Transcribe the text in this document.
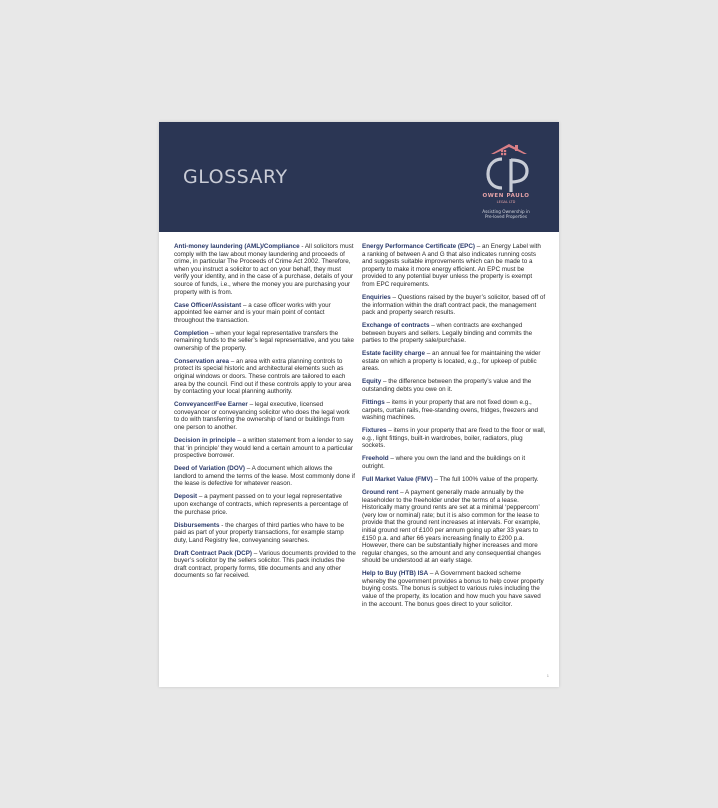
GLOSSARY
OWEN PAULO
LEGAL LTD
Assisting Ownership in
Pre-loved Properties

Anti-money laundering (AML)/Compliance - All solicitors must comply with the law about money laundering and proceeds of crime, in particular The Proceeds of Crime Act 2002. Therefore, when you instruct a solicitor to act on your behalf, they must verify your identity, and in the case of a purchase, details of your source of funds, i.e., where the money you are purchasing your property with is from.

Case Officer/Assistant – a case officer works with your appointed fee earner and is your main point of contact throughout the transaction.

Completion – when your legal representative transfers the remaining funds to the seller’s legal representative, and you take ownership of the property.

Conservation area – an area with extra planning controls to protect its special historic and architectural elements such as original windows or doors. These controls are tailored to each area by the council. Find out if these controls apply to your area by contacting your local planning authority.

Conveyancer/Fee Earner – legal executive, licensed conveyancer or conveyancing solicitor who does the legal work to do with transferring the ownership of land or buildings from one person to another.

Decision in principle – a written statement from a lender to say that ‘in principle’ they would lend a certain amount to a particular prospective borrower.

Deed of Variation (DOV) – A document which allows the landlord to amend the terms of the lease. Most commonly done if the lease is defective for whatever reason.

Deposit – a payment passed on to your legal representative upon exchange of contracts, which represents a percentage of the purchase price.

Disbursements - the charges of third parties who have to be paid as part of your property transactions, for example stamp duty, Land Registry fee, conveyancing searches.

Draft Contract Pack (DCP) – Various documents provided to the buyer’s solicitor by the sellers solicitor. This pack includes the draft contract, property forms, title documents and any other documents so far received.

Energy Performance Certificate (EPC) – an Energy Label with a ranking of between A and G that also indicates running costs and suggests suitable improvements which can be made to a property to make it more energy efficient. An EPC must be provided to any potential buyer unless the property is exempt from EPC requirements.

Enquiries – Questions raised by the buyer’s solicitor, based off of the information within the draft contract pack, the management pack and property search results.

Exchange of contracts – when contracts are exchanged between buyers and sellers. Legally binding and commits the parties to the property sale/purchase.

Estate facility charge – an annual fee for maintaining the wider estate on which a property is located, e.g., for upkeep of public areas.

Equity – the difference between the property’s value and the outstanding debts you owe on it.

Fittings – items in your property that are not fixed down e.g., carpets, curtain rails, free-standing ovens, fridges, freezers and washing machines.

Fixtures – items in your property that are fixed to the floor or wall, e.g., light fittings, built-in wardrobes, boiler, radiators, plug sockets.

Freehold – where you own the land and the buildings on it outright.

Full Market Value (FMV) – The full 100% value of the property.

Ground rent – A payment generally made annually by the leaseholder to the freeholder under the terms of a lease. Historically many ground rents are set at a minimal ‘peppercorn’ (very low or nominal) rate; but it is also common for the lease to provide that the ground rent increases at intervals. For example, initial ground rent of £100 per annum going up after 33 years to £150 p.a. and after 66 years increasing finally to £200 p.a. However, there can be substantially higher increases and more regular changes, so the amount and any consequential changes should be understood at an early stage.

Help to Buy (HTB) ISA – A Government backed scheme whereby the government provides a bonus to help cover property buying costs. The bonus is subject to various rules including the value of the property, its location and how much you have saved in the account. The bonus goes direct to your solicitor.

1
